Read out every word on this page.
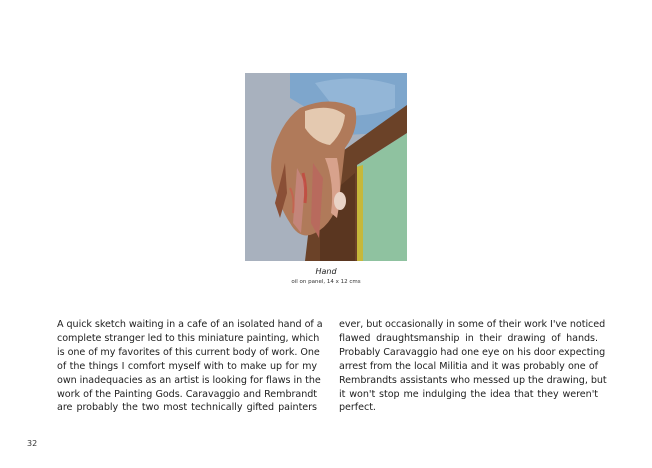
Hand
oil on panel, 14 x 12 cms
A quick sketch waiting in a cafe of an isolated hand of a
complete stranger led to this miniature painting, which
is one of my favorites of this current body of work. One
of the things I comfort myself with to make up for my
own inadequacies as an artist is looking for flaws in the
work of the Painting Gods. Caravaggio and Rembrandt
are probably the two most technically gifted painters
ever, but occasionally in some of their work I've noticed
flawed draughtsmanship in their drawing of hands.
Probably Caravaggio had one eye on his door expecting
arrest from the local Militia and it was probably one of
Rembrandts assistants who messed up the drawing, but
it won't stop me indulging the idea that they weren't
perfect.
32
